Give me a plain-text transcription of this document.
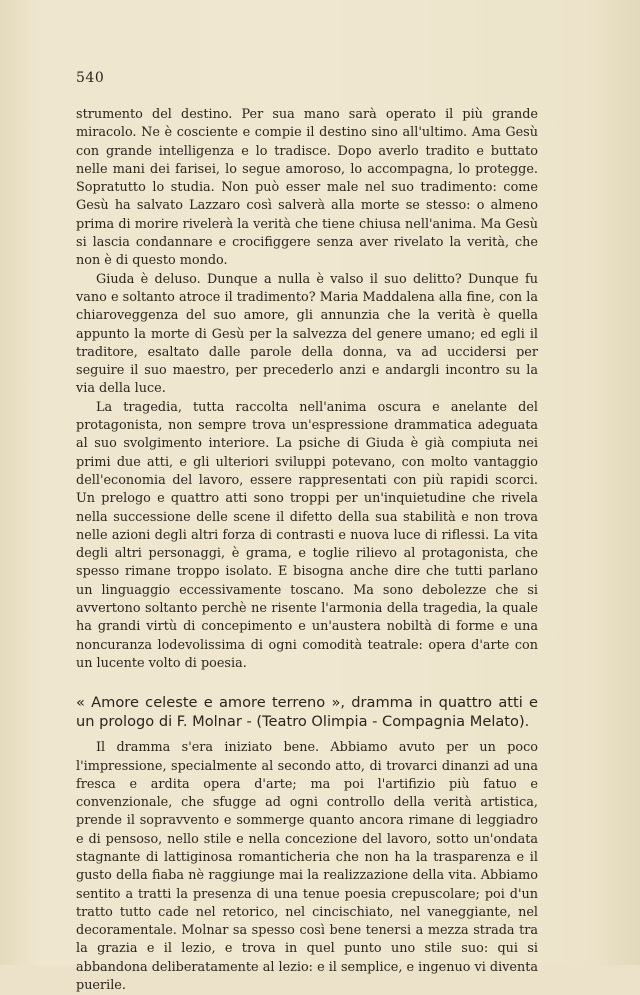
540

strumento del destino. Per sua mano sarà operato il più grande miracolo. Ne è cosciente e compie il destino sino all'ultimo. Ama Gesù con grande intelligenza e lo tradisce. Dopo averlo tradito e buttato nelle mani dei farisei, lo segue amoroso, lo accompagna, lo protegge. Sopratutto lo studia. Non può esser male nel suo tradimento: come Gesù ha salvato Lazzaro così salverà alla morte se stesso: o almeno prima di morire rivelerà la verità che tiene chiusa nell'anima. Ma Gesù si lascia condannare e crocifiggere senza aver rivelato la verità, che non è di questo mondo.

Giuda è deluso. Dunque a nulla è valso il suo delitto? Dunque fu vano e soltanto atroce il tradimento? Maria Maddalena alla fine, con la chiaroveggenza del suo amore, gli annunzia che la verità è quella appunto la morte di Gesù per la salvezza del genere umano; ed egli il traditore, esaltato dalle parole della donna, va ad uccidersi per seguire il suo maestro, per precederlo anzi e andargli incontro su la via della luce.

La tragedia, tutta raccolta nell'anima oscura e anelante del protagonista, non sempre trova un'espressione drammatica adeguata al suo svolgimento interiore. La psiche di Giuda è già compiuta nei primi due atti, e gli ulteriori sviluppi potevano, con molto vantaggio dell'economia del lavoro, essere rappresentati con più rapidi scorci. Un prelogo e quattro atti sono troppi per un'inquietudine che rivela nella successione delle scene il difetto della sua stabilità e non trova nelle azioni degli altri forza di contrasti e nuova luce di riflessi. La vita degli altri personaggi, è grama, e toglie rilievo al protagonista, che spesso rimane troppo isolato. E bisogna anche dire che tutti parlano un linguaggio eccessivamente toscano. Ma sono debolezze che si avvertono soltanto perchè ne risente l'armonia della tragedia, la quale ha grandi virtù di concepimento e un'austera nobiltà di forme e una noncuranza lodevolissima di ogni comodità teatrale: opera d'arte con un lucente volto di poesia.

« Amore celeste e amore terreno », dramma in quattro atti e un prologo di F. Molnar - (Teatro Olimpia - Compagnia Melato).

Il dramma s'era iniziato bene. Abbiamo avuto per un poco l'impressione, specialmente al secondo atto, di trovarci dinanzi ad una fresca e ardita opera d'arte; ma poi l'artifizio più fatuo e convenzionale, che sfugge ad ogni controllo della verità artistica, prende il sopravvento e sommerge quanto ancora rimane di leggiadro e di pensoso, nello stile e nella concezione del lavoro, sotto un'ondata stagnante di lattiginosa romanticheria che non ha la trasparenza e il gusto della fiaba nè raggiunge mai la realizzazione della vita. Abbiamo sentito a tratti la presenza di una tenue poesia crepuscolare; poi d'un tratto tutto cade nel retorico, nel cincischiato, nel vaneggiante, nel decoramentale. Molnar sa spesso così bene tenersi a mezza strada tra la grazia e il lezio, e trova in quel punto uno stile suo: qui si abbandona deliberatamente al lezio: e il semplice, e ingenuo vi diventa puerile.
